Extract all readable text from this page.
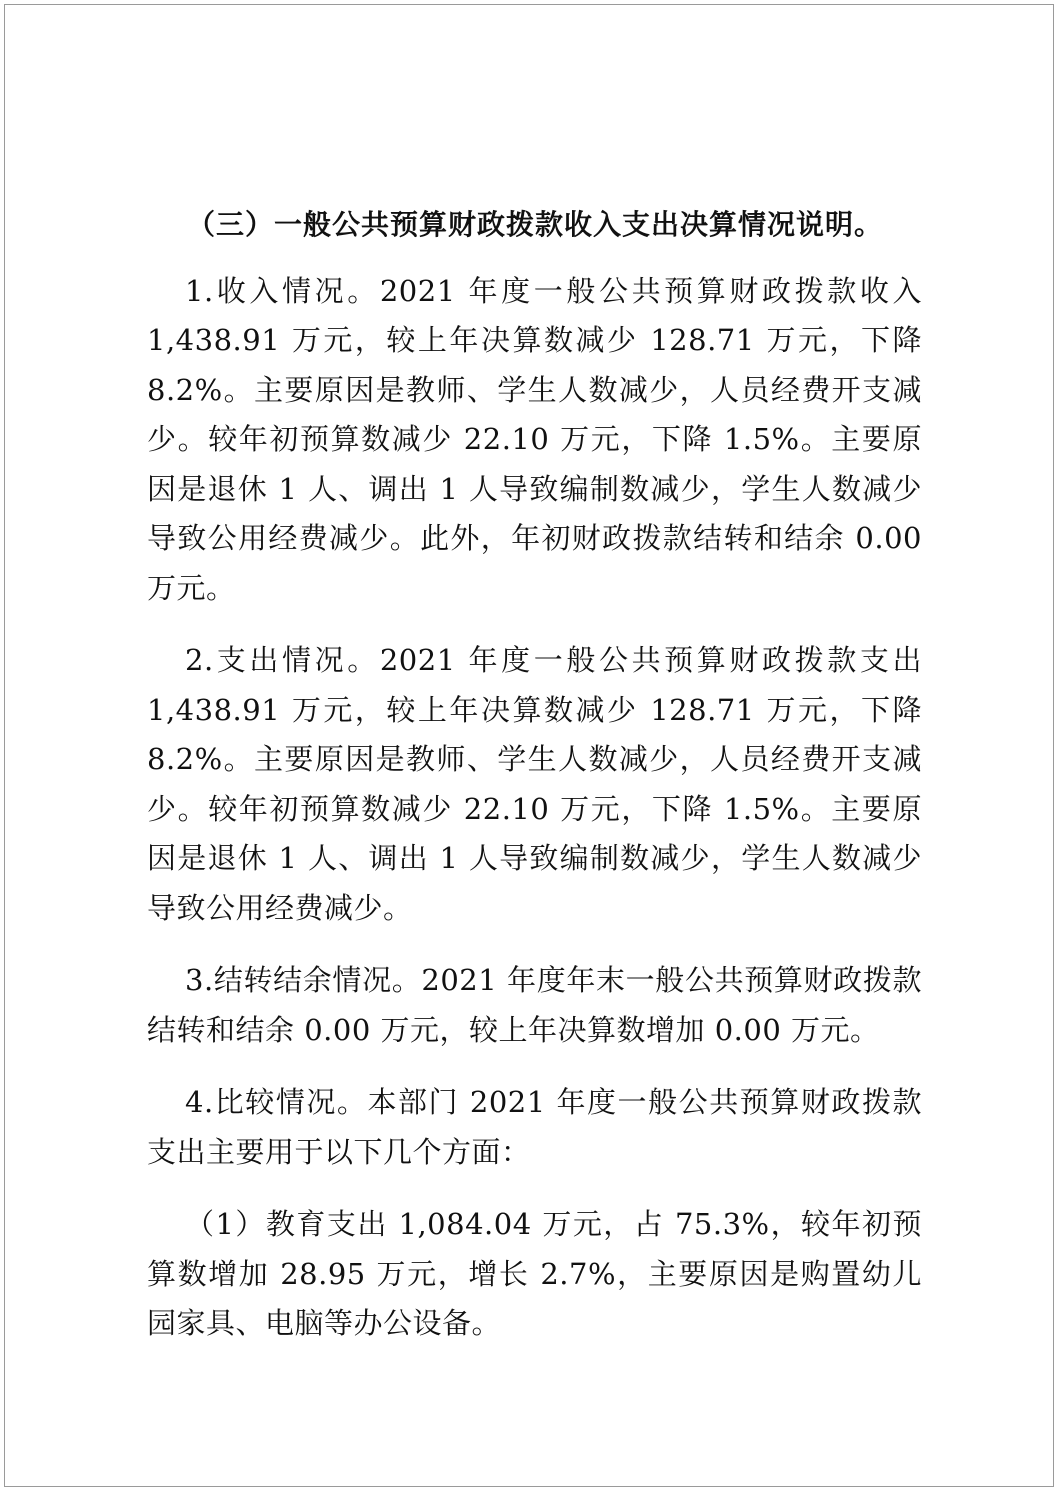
（三）一般公共预算财政拨款收入支出决算情况说明。

1.收入情况。2021 年度一般公共预算财政拨款收入 1,438.91 万元，较上年决算数减少 128.71 万元，下降 8.2%。主要原因是教师、学生人数减少，人员经费开支减少。较年初预算数减少 22.10 万元，下降 1.5%。主要原因是退休 1 人、调出 1 人导致编制数减少，学生人数减少导致公用经费减少。此外，年初财政拨款结转和结余 0.00 万元。

2.支出情况。2021 年度一般公共预算财政拨款支出 1,438.91 万元，较上年决算数减少 128.71 万元，下降 8.2%。主要原因是教师、学生人数减少，人员经费开支减少。较年初预算数减少 22.10 万元，下降 1.5%。主要原因是退休 1 人、调出 1 人导致编制数减少，学生人数减少导致公用经费减少。

3.结转结余情况。2021 年度年末一般公共预算财政拨款结转和结余 0.00 万元，较上年决算数增加 0.00 万元。

4.比较情况。本部门 2021 年度一般公共预算财政拨款支出主要用于以下几个方面：

（1）教育支出 1,084.04 万元，占 75.3%，较年初预算数增加 28.95 万元，增长 2.7%，主要原因是购置幼儿园家具、电脑等办公设备。
